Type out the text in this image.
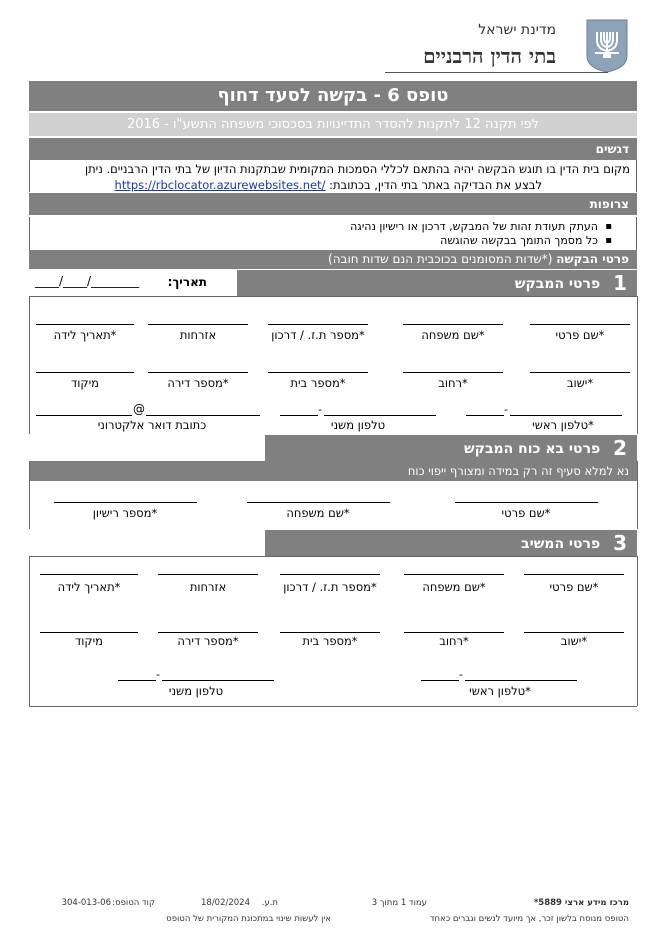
מדינת ישראל
בתי הדין הרבניים
טופס 6 - בקשה לסעד דחוף
לפי תקנה 12 לתקנות להסדר התדיינויות בסכסוכי משפחה התשע"ו - 2016
דגשים
מקום בית הדין בו תוגש הבקשה יהיה בהתאם לכללי הסמכות המקומית שבתקנות הדיון של בתי הדין הרבניים. ניתן
לבצע את הבדיקה באתר בתי הדין, בכתובת: https://rbclocator.azurewebsites.net/
צרופות
▪ העתק תעודת זהות של המבקש, דרכון או רישיון נהיגה
▪ כל מסמך התומך בבקשה שהוגשה
פרטי הבקשה (*שדות המסומנים בכוכבית הנם שדות חובה)
תאריך:
____/____/________	1 פרטי המבקש
*שם פרטי
*שם משפחה
*מספר ת.ז. / דרכון
אזרחות
*תאריך לידה
*ישוב
*רחוב
*מספר בית
*מספר דירה
מיקוד
-
-
@
*טלפון ראשי
טלפון משני
כתובת דואר אלקטרוני
2 פרטי בא כוח המבקש
נא למלא סעיף זה רק במידה ומצורף ייפוי כוח
*שם פרטי
*שם משפחה
*מספר רישיון
3 פרטי המשיב
*שם פרטי
*שם משפחה
*מספר ת.ז. / דרכון
אזרחות
*תאריך לידה
*ישוב
*רחוב
*מספר בית
*מספר דירה
מיקוד
-
-
*טלפון ראשי
טלפון משני
מרכז מידע ארצי 5889*
עמוד 1 מתוך 3
ת.ע.
18/02/2024
קוד הטופס:
304-013-06
הטופס מנוסח בלשון זכר, אך מיועד לנשים וגברים כאחד
אין לעשות שינוי במתכונת המקורית של הטופס
